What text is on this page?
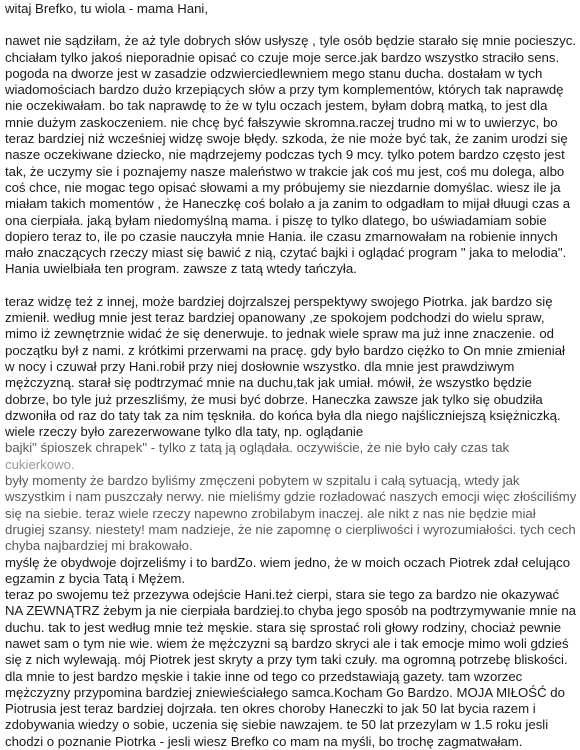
witaj Brefko, tu wiola - mama Hani,

nawet nie sądziłam, że aż tyle dobrych słów usłyszę , tyle osób będzie starało się mnie pocieszyc. chciałam tylko jakoś nieporadnie opisać co czuje moje serce.jak bardzo wszystko straciło sens. pogoda na dworze jest w zasadzie odzwierciedlewniem mego stanu ducha. dostałam w tych wiadomościach bardzo dużo krzepiących słów a przy tym komplementów, których tak naprawdę nie oczekiwałam. bo tak naprawdę to że w tylu oczach jestem, byłam dobrą matką, to jest dla mnie dużym zaskoczeniem. nie chcę być fałszywie skromna.raczej trudno mi w to uwierzyc, bo teraz bardziej niż wcześniej widzę swoje błędy. szkoda, że nie może być tak, że zanim urodzi się nasze oczekiwane dziecko, nie mądrzejemy podczas tych 9 mcy. tylko potem bardzo często jest tak, że uczymy sie i poznajemy nasze maleństwo w trakcie jak coś mu jest, coś mu dolega, albo coś chce, nie mogac tego opisać słowami a my próbujemy sie niezdarnie domyślac. wiesz ile ja miałam takich momentów , że Haneczkę coś bolało a ja zanim to odgadłam to mijał dłuugi czas a ona cierpiała. jaką byłam niedomyślną mama. i piszę to tylko dlatego, bo uświadamiam sobie dopiero teraz to, ile po czasie nauczyła mnie Hania. ile czasu zmarnowałam na robienie innych mało znaczących rzeczy miast się bawić z nią, czytać bajki i oglądać program " jaka to melodia". Hania uwielbiała ten program. zawsze z tatą wtedy tańczyła.

teraz widzę też z innej, może bardziej dojrzalszej perspektywy swojego Piotrka. jak bardzo się zmienił. według mnie jest teraz bardziej opanowany ,ze spokojem podchodzi do wielu spraw, mimo iż zewnętrznie widać że się denerwuje. to jednak wiele spraw ma już inne znaczenie. od początku był z nami. z krótkimi przerwami na pracę. gdy było bardzo ciężko to On mnie zmieniał w nocy i czuwał przy Hani.robił przy niej dosłownie wszystko. dla mnie jest prawdziwym mężczyzną. starał się podtrzymać mnie na duchu,tak jak umiał. mówił, że wszystko będzie dobrze, bo tyle już przeszliśmy, że musi być dobrze. Haneczka zawsze jak tylko się obudziła dzwoniła od raz do taty tak za nim tęskniła. do końca była dla niego najśliczniejszą księżniczką. wiele rzeczy było zarezerwowane tylko dla taty, np. oglądanie

bajki" śpioszek chrapek" - tylko z tatą ją oglądała. oczywiście, że nie było cały czas tak

cukierkowo.

były momenty że bardzo byliśmy zmęczeni pobytem w szpitalu i całą sytuacją, wtedy jak wszystkim i nam puszczały nerwy. nie mieliśmy gdzie rozładować naszych emocji więc złościliśmy się na siebie. teraz wiele rzeczy napewno zrobilabym inaczej. ale nikt z nas nie będzie miał drugiej szansy. niestety! mam nadzieje, że nie zapomnę o cierpliwości i wyrozumiałości. tych cech chyba najbardziej mi brakowało.

myślę że obydwoje dojrzeliśmy i to bardZo. wiem jedno, że w moich oczach Piotrek zdał celująco egzamin z bycia Tatą i Mężem.

teraz po swojemu też przezywa odejście Hani.też cierpi, stara sie tego za bardzo nie okazywać NA ZEWNĄTRZ żebym ja nie cierpiała bardziej.to chyba jego sposób na podtrzymywanie mnie na duchu. tak to jest według mnie też męskie. stara się sprostać roli głowy rodziny, chociaż pewnie nawet sam o tym nie wie. wiem że mężczyzni są bardzo skryci ale i tak emocje mimo woli gdzieś się z nich wylewają. mój Piotrek jest skryty a przy tym taki czuły. ma ogromną potrzebę bliskości. dla mnie to jest bardzo męskie i takie inne od tego co przedstawiają gazety. tam wzorzec mężczyzny przypomina bardziej zniewieściałego samca.Kocham Go Bardzo. MOJA MIŁOŚĆ do Piotrusia jest teraz bardziej dojrzała. ten okres choroby Haneczki to jak 50 lat bycia razem i zdobywania wiedzy o sobie, uczenia się siebie nawzajem. te 50 lat przezylam w 1.5 roku jesli chodzi o poznanie Piotrka - jesli wiesz Brefko co mam na myśli, bo trochę zagmatwałam.
